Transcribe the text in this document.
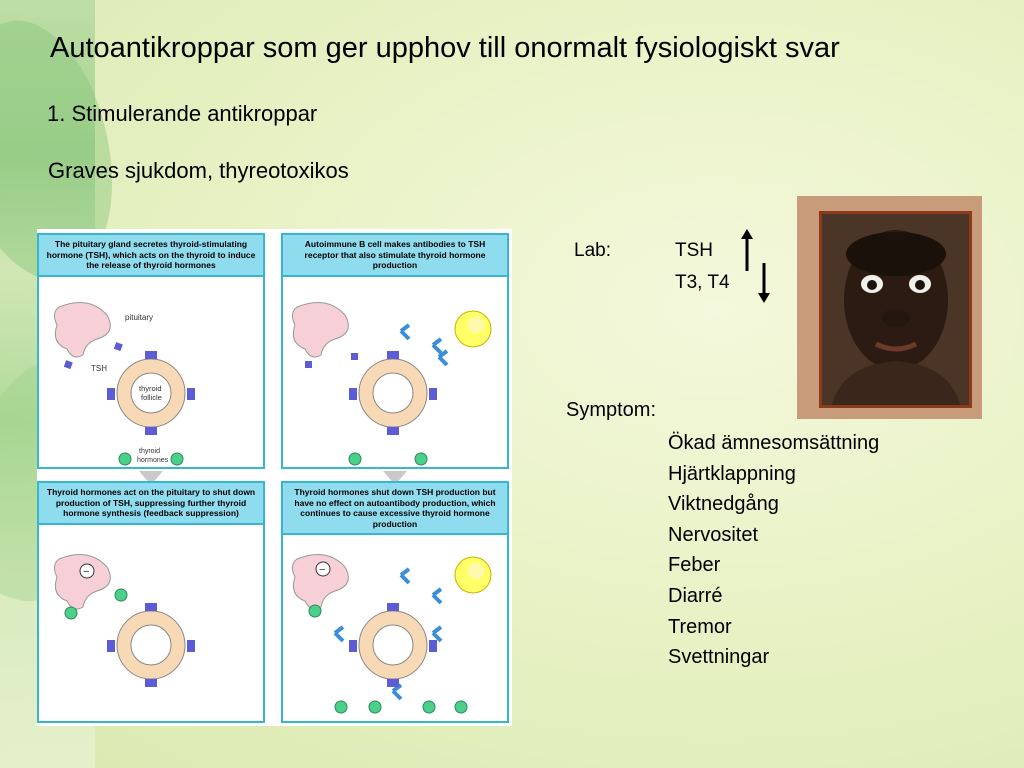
Autoantikroppar som ger upphov till onormalt fysiologiskt svar
1. Stimulerande antikroppar
Graves sjukdom, thyreotoxikos
The pituitary gland secretes thyroid-stimulating hormone (TSH), which acts on the thyroid to induce the release of thyroid hormones
pituitary
TSH
thyroid
follicle
thyroid
hormones
Autoimmune B cell makes antibodies to TSH receptor that also stimulate thyroid hormone production
Thyroid hormones act on the pituitary to shut down production of TSH, suppressing further thyroid hormone synthesis (feedback suppression)
−
Thyroid hormones shut down TSH production but have no effect on autoantibody production, which continues to cause excessive thyroid hormone production
−
Lab:	TSH
T3, T4
Symptom:
Ökad ämnesomsättning
Hjärtklappning
Viktnedgång
Nervositet
Feber
Diarré
Tremor
Svettningar
